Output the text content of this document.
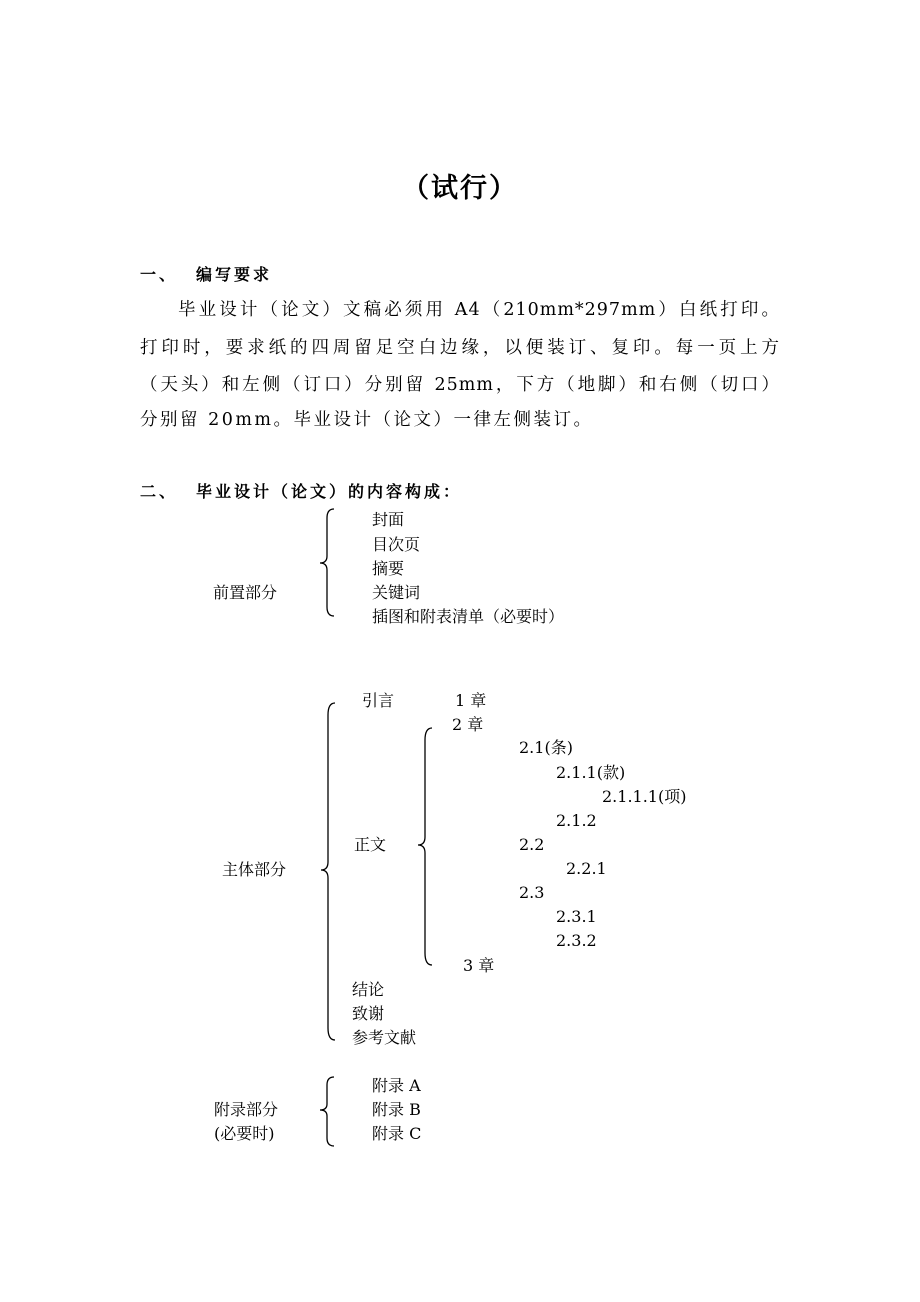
（试行）
一、 编写要求
毕业设计（论文）文稿必须用 A4（210mm*297mm）白纸打印。
打印时，要求纸的四周留足空白边缘，以便装订、复印。每一页上方
（天头）和左侧（订口）分别留 25mm，下方（地脚）和右侧（切口）
分别留 20mm。毕业设计（论文）一律左侧装订。
二、 毕业设计（论文）的内容构成：
前置部分
封面
目次页
摘要
关键词
插图和附表清单（必要时）
主体部分
引言	1 章
2 章
正文
2.1(条)
2.1.1(款)
2.1.1.1(项)
2.1.2
2.2
2.2.1
2.3
2.3.1
2.3.2
3 章
结论
致谢
参考文献
附录部分
(必要时)
附录 A
附录 B
附录 C
